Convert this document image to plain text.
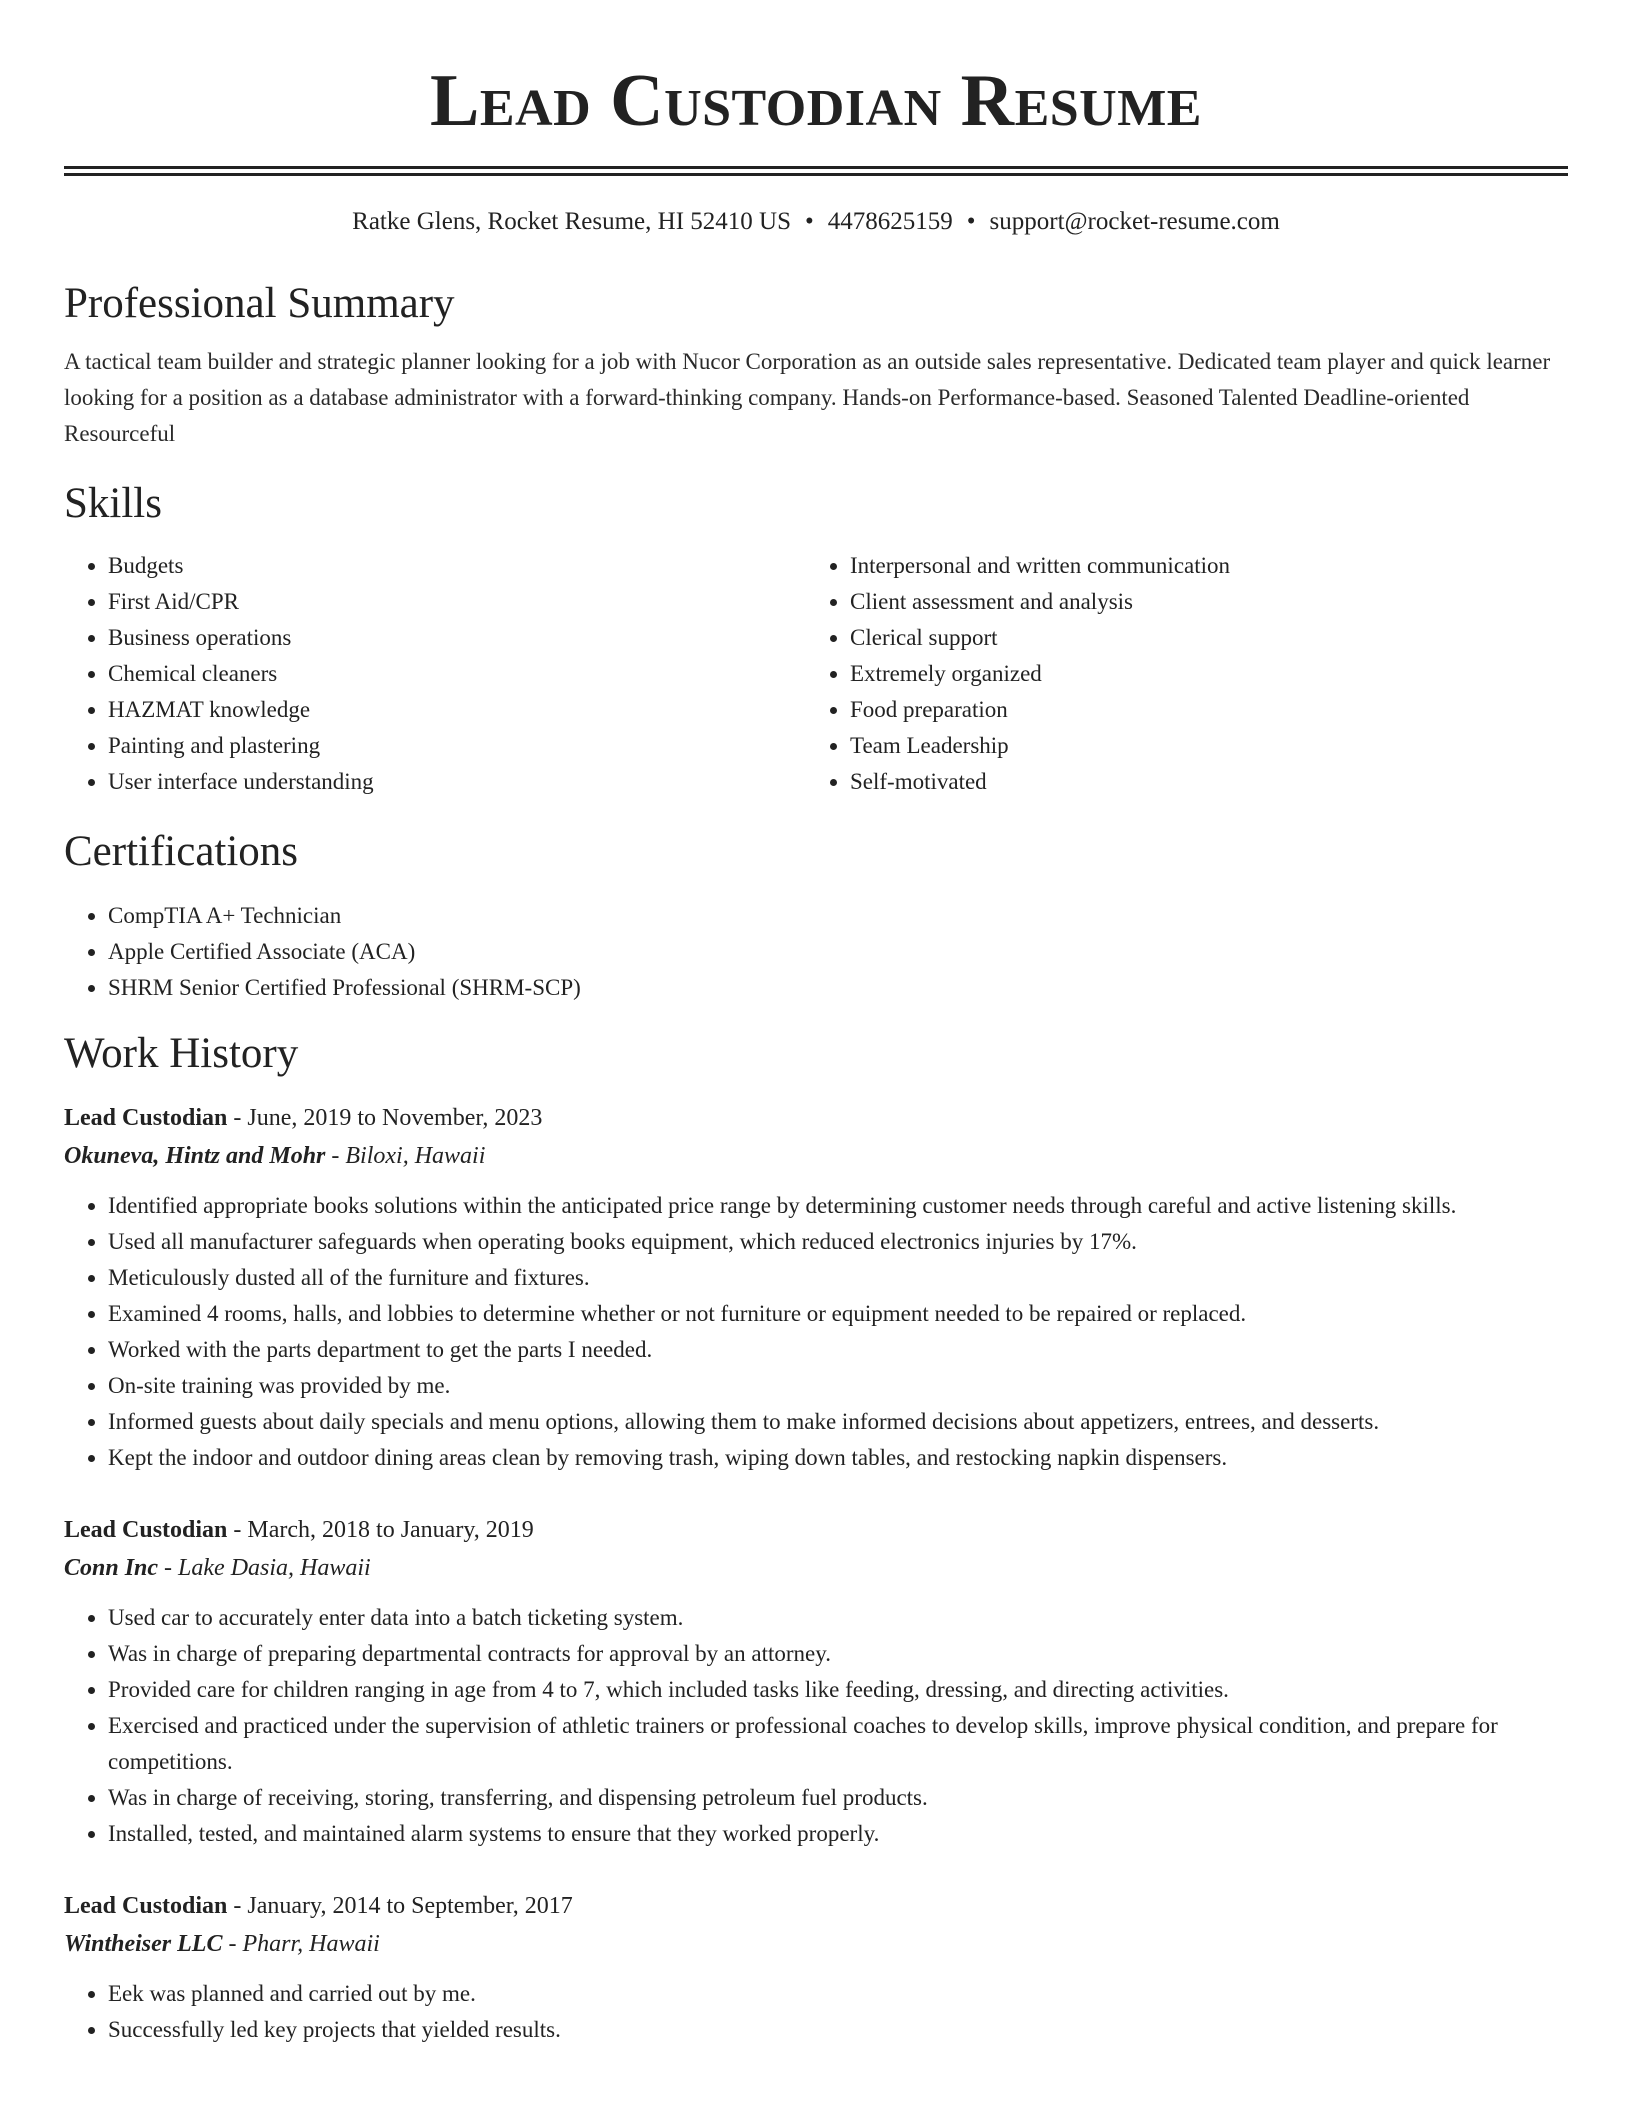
Lead Custodian Resume
Ratke Glens, Rocket Resume, HI 52410 US • 4478625159 • support@rocket-resume.com
Professional Summary

A tactical team builder and strategic planner looking for a job with Nucor Corporation as an outside sales representative. Dedicated team player and quick learner looking for a position as a database administrator with a forward-thinking company. Hands-on Performance-based. Seasoned Talented Deadline-oriented Resourceful

Skills
• Budgets
• First Aid/CPR
• Business operations
• Chemical cleaners
• HAZMAT knowledge
• Painting and plastering
• User interface understanding
• Interpersonal and written communication
• Client assessment and analysis
• Clerical support
• Extremely organized
• Food preparation
• Team Leadership
• Self-motivated
Certifications
• CompTIA A+ Technician
• Apple Certified Associate (ACA)
• SHRM Senior Certified Professional (SHRM-SCP)
Work History
Lead Custodian - June, 2019 to November, 2023
Okuneva, Hintz and Mohr - Biloxi, Hawaii
• Identified appropriate books solutions within the anticipated price range by determining customer needs through careful and active listening skills.
• Used all manufacturer safeguards when operating books equipment, which reduced electronics injuries by 17%.
• Meticulously dusted all of the furniture and fixtures.
• Examined 4 rooms, halls, and lobbies to determine whether or not furniture or equipment needed to be repaired or replaced.
• Worked with the parts department to get the parts I needed.
• On-site training was provided by me.
• Informed guests about daily specials and menu options, allowing them to make informed decisions about appetizers, entrees, and desserts.
• Kept the indoor and outdoor dining areas clean by removing trash, wiping down tables, and restocking napkin dispensers.
Lead Custodian - March, 2018 to January, 2019
Conn Inc - Lake Dasia, Hawaii
• Used car to accurately enter data into a batch ticketing system.
• Was in charge of preparing departmental contracts for approval by an attorney.
• Provided care for children ranging in age from 4 to 7, which included tasks like feeding, dressing, and directing activities.
• Exercised and practiced under the supervision of athletic trainers or professional coaches to develop skills, improve physical condition, and prepare for competitions.
• Was in charge of receiving, storing, transferring, and dispensing petroleum fuel products.
• Installed, tested, and maintained alarm systems to ensure that they worked properly.
Lead Custodian - January, 2014 to September, 2017
Wintheiser LLC - Pharr, Hawaii
• Eek was planned and carried out by me.
• Successfully led key projects that yielded results.
